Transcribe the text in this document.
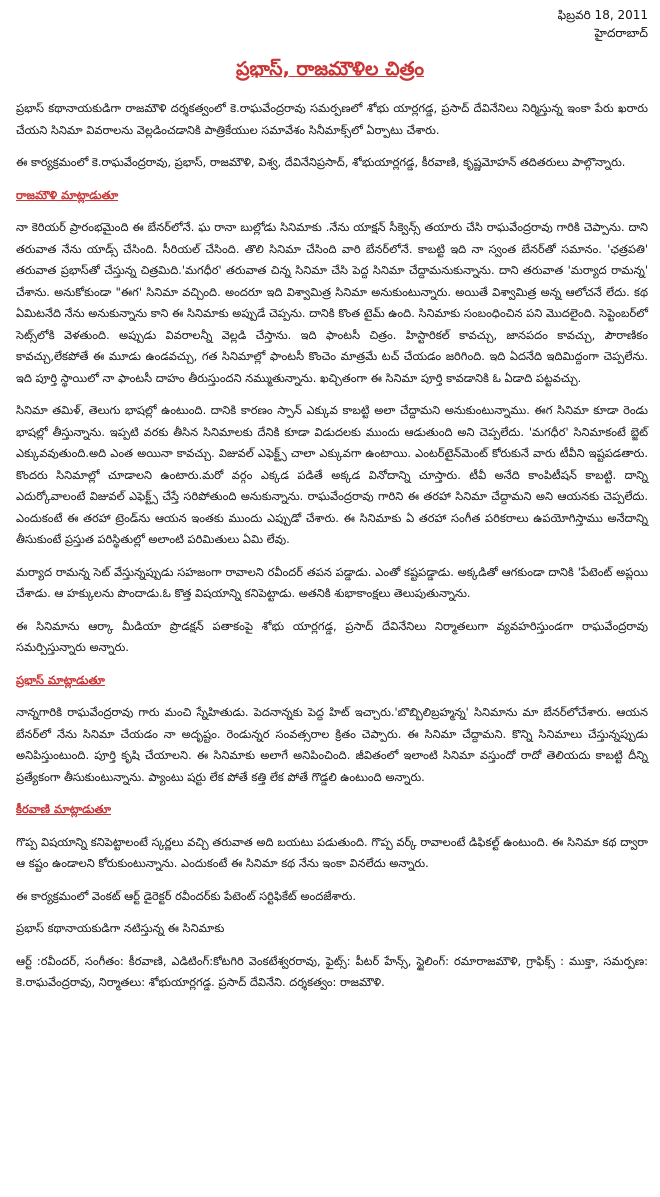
ఫిబ్రవరి 18, 2011
హైదరాబాద్
ప్రభాస్, రాజమౌళిల చిత్రం

ప్రభాస్ కథానాయకుడిగా రాజమౌళి దర్శకత్వంలో కె.రాఘవేంద్రరావు సమర్పణలో శోభు యార్లగడ్డ, ప్రసాద్ దేవినేనిలు నిర్మిస్తున్న ఇంకా పేరు ఖరారు చేయని సినిమా వివరాలను వెల్లడించడానికి పాత్రికేయుల సమావేశం సినీమాక్స్‌లో ఏర్పాటు చేశారు.

ఈ కార్యక్రమంలో కె.రాఘవేంద్రరావు, ప్రభాస్, రాజమౌళి, విశ్వ, దేవినేనిప్రసాద్, శోభుయార్లగడ్డ, కీరవాణి, కృష్ణమోహన్ తదితరులు పాల్గొన్నారు.

రాజమౌళి మాట్లాడుతూ

నా కెరియర్ ప్రారంభమైంది ఈ బేనర్‌లోనే. ఘ రానా బుల్లోడు సినిమాకు .నేను యాక్షన్ సీక్వెన్స్ తయారు చేసి రాఘవేంద్రరావు గారికి చెప్పాను. దాని తరువాత నేను యాడ్స్ చేసింది. సీరియల్ చేసింది. తొలి సినిమా చేసింది వారి బేనర్‌లోనే. కాబట్టి ఇది నా స్వంత బేనర్‌తో సమానం. 'ఛత్రపతి' తరువాత ప్రభాస్‌తో చేస్తున్న చిత్రమిది.'మగధీర' తరువాత చిన్న సినిమా చేసి పెద్ద సినిమా చేద్దామనుకున్నాను. దాని తరువాత 'మర్యాద రామన్న' చేశాను. అనుకోకుండా "ఈగ' సినిమా వచ్చింది. అందరూ ఇది విశ్వామిత్ర సినిమా అనుకుంటున్నారు. అయితే విశ్వామిత్ర అన్న ఆలోచనే లేదు. కథ ఏమిటనేది నేను అనుకున్నాను కాని ఈ సినిమాకు అప్పుడే చెప్పను. దానికి కొంత టైమ్ ఉంది. సినిమాకు సంబంధించిన పని మొదలైంది. సెప్టెంబర్‌లో సెట్స్‌లోకి వెళతుంది. అప్పుడు వివరాలన్నీ వెల్లడి చేస్తాను. ఇది ఫాంటసీ చిత్రం. హిస్టారికల్ కావచ్చు, జానపదం కావచ్చు, పౌరాణికం కావచ్చు,లేకపోతే ఈ మూడు ఉండవచ్చు, గత సినిమాల్లో ఫాంటసీ కొంచెం మాత్రమే టచ్ చేయడం జరిగింది. ఇది ఏదనేది ఇదిమిద్దంగా చెప్పలేను. ఇది పూర్తి స్థాయిలో నా ఫాంటసీ దాహం తీరుస్తుందని నమ్ముతున్నాను. ఖచ్చితంగా ఈ సినిమా పూర్తి కావడానికి ఓ ఏడాది పట్టవచ్చు.

సినిమా తమిళ్, తెలుగు భాషల్లో ఉంటుంది. దానికి కారణం స్పాన్ ఎక్కువ కాబట్టి అలా చేద్దామని అనుకుంటున్నాము. ఈగ సినిమా కూడా రెండు భాషల్లో తీస్తున్నాను. ఇప్పటి వరకు తీసిన సినిమాలకు దేనికి కూడా విడుదలకు ముందు ఆడుతుంది అని చెప్పలేదు. 'మగధీర' సినిమాకంటే బ్జెట్ ఎక్కువవుతుంది.అది ఎంత అయినా కావచ్చు. విజువల్ ఎఫెక్ట్స్ చాలా ఎక్కువగా ఉంటాయి. ఎంటర్‌టైన్‌మెంట్ కోరుకునే వారు టీవీని ఇష్టపడతారు. కొందరు సినిమాల్లో చూడాలని ఉంటారు.మరో వర్గం ఎక్కడ పడితే అక్కడ వినోదాన్ని చూస్తారు. టీవీ అనేది కాంపిటీషన్ కాబట్టి. దాన్ని ఎదుర్కోవాలంటే విజువల్ ఎఫెక్ట్స్ చేస్తే సరిపోతుంది అనుకున్నాను. రాఘవేంద్రరావు గారిని ఈ తరహా సినిమా చేద్దామని అని ఆయనకు చెప్పలేదు. ఎందుకంటే ఈ తరహా ట్రెండ్‌ను ఆయన ఇంతకు ముందు ఎప్పుడో చేశారు. ఈ సినిమాకు ఏ తరహా సంగీత పరికరాలు ఉపయోగిస్తాము అనేదాన్ని తీసుకుంటే ప్రస్తుత పరిస్థితుల్లో అలాంటి పరిమితులు ఏమి లేవు.

మర్యాద రామన్న సెట్ వేస్తున్నప్పుడు సహజంగా రావాలని రవీందర్ తపన పడ్డాడు. ఎంతో కష్టపడ్డాడు. అక్కడితో ఆగకుండా దానికి 'పేటెంట్ అప్లయి చేశాడు. ఆ హక్కులను పొందాడు.ఓ కొత్త విషయాన్ని కనిపెట్టాడు. అతనికి శుభాకాంక్షలు తెలుపుతున్నాను.

ఈ సినిమాను ఆర్కా మీడియా ప్రొడక్షన్ పతాకంపై శోభు యార్లగడ్డ, ప్రసాద్ దేవినేనిలు నిర్మాతలుగా వ్యవహరిస్తుండగా రాఘవేంద్రరావు సమర్పిస్తున్నారు అన్నారు.

ప్రభాస్ మాట్లాడుతూ

నాన్నగారికి రాఘవేంద్రరావు గారు మంచి స్నేహితుడు. పెదనాన్నకు పెద్ద హిట్ ఇచ్చారు.'బొబ్బిలిబ్రహ్మన్న' సినిమాను మా బేనర్‌లోచేశారు. ఆయన బేనర్‌లో నేను సినిమా చేయడం నా అదృష్టం. రెండున్నర సంవత్సరాల క్రితం చెప్పారు. ఈ సినిమా చేద్దామని. కొన్ని సినిమాలు చేస్తున్నప్పుడు అనిపిస్తుంటుంది. పూర్తి కృషి చేయాలని. ఈ సినిమాకు అలాగే అనిపించింది. జీవితంలో ఇలాంటి సినిమా వస్తుందో రాదో తెలియదు కాబట్టి దీన్ని ప్రత్యేకంగా తీసుకుంటున్నాను. ప్యాంటు షర్టు లేక పోతే కత్తి లేక పోతే గొడ్డలి ఉంటుంది అన్నారు.

కీరవాణి మాట్లాడుతూ

గొప్ప విషయాన్ని కనిపెట్టాలంటే స్కర్ణలు వచ్చి తరువాత అది బయటు పడుతుంది. గొప్ప వర్క్ రావాలంటే డిఫికల్ట్ ఉంటుంది. ఈ సినిమా కథ ద్వారా ఆ కష్టం ఉండాలని కోరుకుంటున్నాను. ఎందుకంటే ఈ సినిమా కథ నేను ఇంకా వినలేదు అన్నారు.

ఈ కార్యక్రమంలో వెంకట్ ఆర్ట్ డైరెక్టర్ రవీందర్‌కు పేటెంట్ సర్టిఫికేట్ అందజేశారు.

ప్రభాస్ కథానాయకుడిగా నటిస్తున్న ఈ సినిమాకు

ఆర్ట్ :రవీందర్, సంగీతం: కీరవాణి, ఎడిటింగ్:కోటగిరి వెంకటేశ్వరరావు, ఫైట్స్: పీటర్ హేన్స్, స్టైలింగ్: రమారాజమౌళి, గ్రాఫిక్స్ : ముక్తా, సమర్పణ: కె.రాఘవేంద్రరావు, నిర్మాతలు: శోభుయార్లగడ్డ. ప్రసాద్ దేవినేని. దర్శకత్వం: రాజమౌళి.
